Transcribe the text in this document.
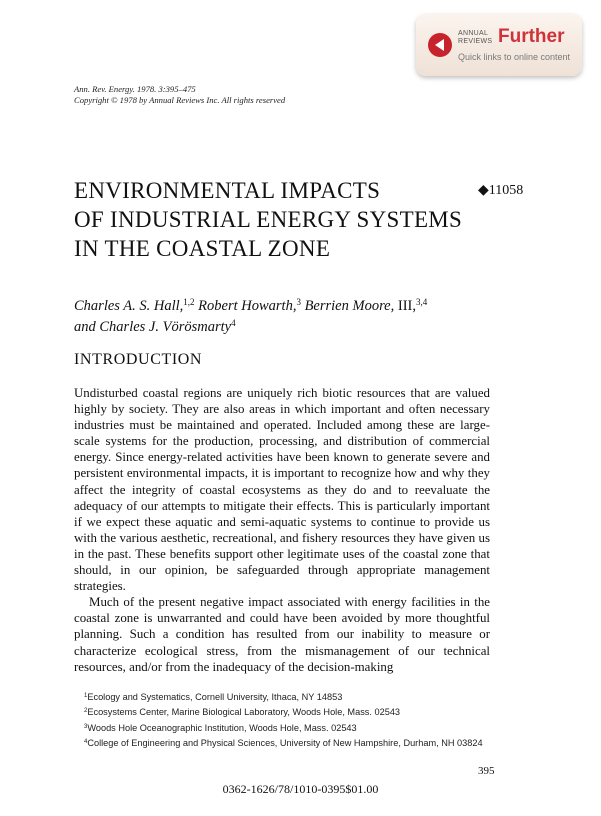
ANNUAL
REVIEWS Further
Quick links to online content
Ann. Rev. Energy. 1978. 3:395–475
Copyright © 1978 by Annual Reviews Inc. All rights reserved
ENVIRONMENTAL IMPACTS
OF INDUSTRIAL ENERGY SYSTEMS
IN THE COASTAL ZONE
◆11058
Charles A. S. Hall,$^{1,2}$ Robert Howarth,$^3$ Berrien Moore, III,$^{3,4}$
and Charles J. Vörösmarty$^4$
INTRODUCTION

Undisturbed coastal regions are uniquely rich biotic resources that are valued highly by society. They are also areas in which important and often necessary industries must be maintained and operated. Included among these are large-scale systems for the production, processing, and distribution of commercial energy. Since energy-related activities have been known to generate severe and persistent environmental impacts, it is important to recognize how and why they affect the integrity of coastal ecosystems as they do and to reevaluate the adequacy of our attempts to mitigate their effects. This is particularly important if we expect these aquatic and semi-aquatic systems to continue to provide us with the various aesthetic, recreational, and fishery resources they have given us in the past. These benefits support other legitimate uses of the coastal zone that should, in our opinion, be safeguarded through appropriate management strategies.

Much of the present negative impact associated with energy facilities in the coastal zone is unwarranted and could have been avoided by more thoughtful planning. Such a condition has resulted from our inability to measure or characterize ecological stress, from the mismanagement of our technical resources, and/or from the inadequacy of the decision-making

$^1$Ecology and Systematics, Cornell University, Ithaca, NY 14853
$^2$Ecosystems Center, Marine Biological Laboratory, Woods Hole, Mass. 02543
$^3$Woods Hole Oceanographic Institution, Woods Hole, Mass. 02543
$^4$College of Engineering and Physical Sciences, University of New Hampshire, Durham, NH 03824
395
0362-1626/78/1010-0395$01.00
